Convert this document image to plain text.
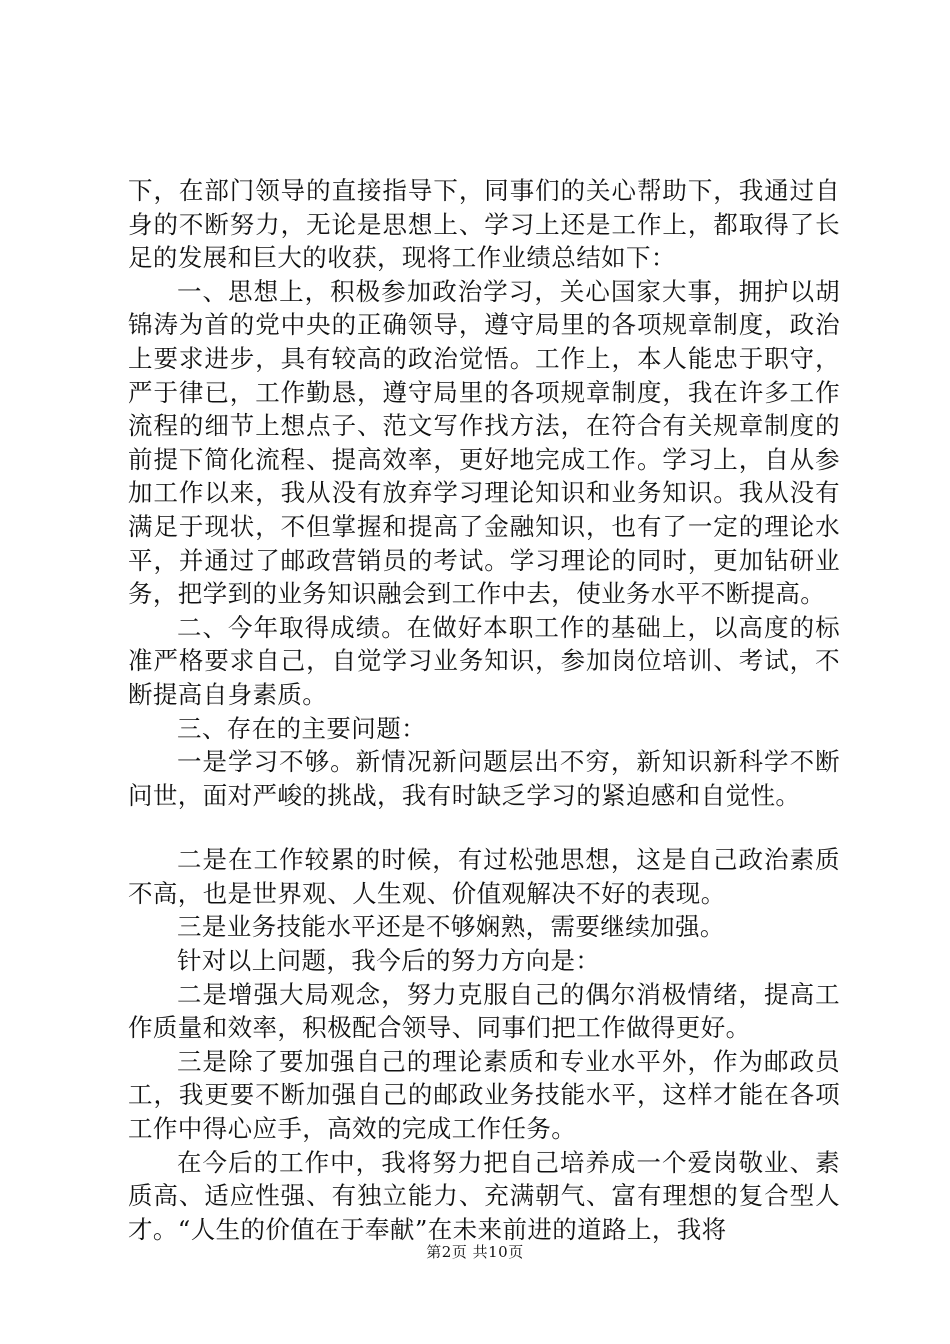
下，在部门领导的直接指导下，同事们的关心帮助下，我通过自身的不断努力，无论是思想上、学习上还是工作上，都取得了长足的发展和巨大的收获，现将工作业绩总结如下：

一、思想上，积极参加政治学习，关心国家大事，拥护以胡锦涛为首的党中央的正确领导，遵守局里的各项规章制度，政治上要求进步，具有较高的政治觉悟。工作上，本人能忠于职守，严于律已，工作勤恳，遵守局里的各项规章制度，我在许多工作流程的细节上想点子、范文写作找方法，在符合有关规章制度的前提下简化流程、提高效率，更好地完成工作。学习上，自从参加工作以来，我从没有放弃学习理论知识和业务知识。我从没有满足于现状，不但掌握和提高了金融知识，也有了一定的理论水平，并通过了邮政营销员的考试。学习理论的同时，更加钻研业务，把学到的业务知识融会到工作中去，使业务水平不断提高。

二、今年取得成绩。在做好本职工作的基础上，以高度的标准严格要求自己，自觉学习业务知识，参加岗位培训、考试，不断提高自身素质。

三、存在的主要问题：

一是学习不够。新情况新问题层出不穷，新知识新科学不断问世，面对严峻的挑战，我有时缺乏学习的紧迫感和自觉性。

二是在工作较累的时候，有过松弛思想，这是自己政治素质不高，也是世界观、人生观、价值观解决不好的表现。

三是业务技能水平还是不够娴熟，需要继续加强。

针对以上问题，我今后的努力方向是：

二是增强大局观念，努力克服自己的偶尔消极情绪，提高工作质量和效率，积极配合领导、同事们把工作做得更好。

三是除了要加强自己的理论素质和专业水平外，作为邮政员工，我更要不断加强自己的邮政业务技能水平，这样才能在各项工作中得心应手，高效的完成工作任务。

在今后的工作中，我将努力把自己培养成一个爱岗敬业、素质高、适应性强、有独立能力、充满朝气、富有理想的复合型人才。“人生的价值在于奉献”在未来前进的道路上，我将

第2页 共10页
